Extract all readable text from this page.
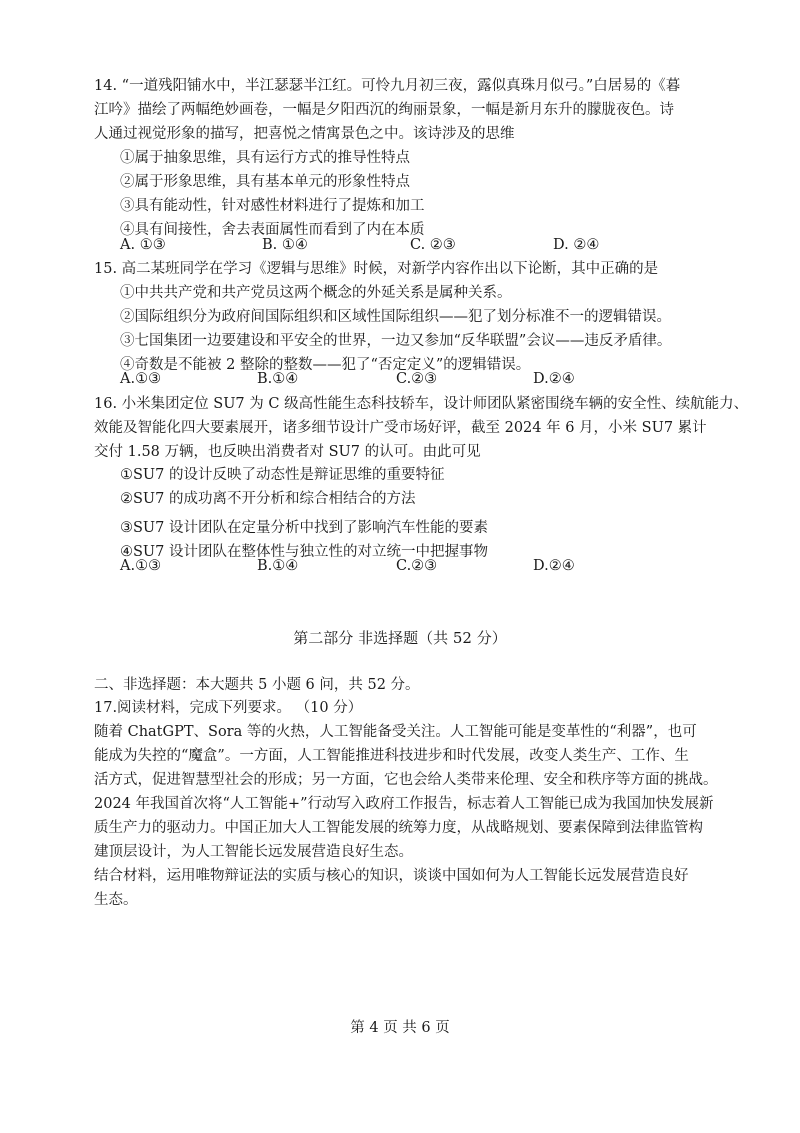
14. “一道残阳铺水中，半江瑟瑟半江红。可怜九月初三夜，露似真珠月似弓。”白居易的《暮
江吟》描绘了两幅绝妙画卷，一幅是夕阳西沉的绚丽景象，一幅是新月东升的朦胧夜色。诗
人通过视觉形象的描写，把喜悦之情寓景色之中。该诗涉及的思维
①属于抽象思维，具有运行方式的推导性特点
②属于形象思维，具有基本单元的形象性特点
③具有能动性，针对感性材料进行了提炼和加工
④具有间接性，舍去表面属性而看到了内在本质
A. ①③	B. ①④	C. ②③	D. ②④
15. 高二某班同学在学习《逻辑与思维》时候，对新学内容作出以下论断，其中正确的是
①中共共产党和共产党员这两个概念的外延关系是属种关系。
②国际组织分为政府间国际组织和区域性国际组织——犯了划分标准不一的逻辑错误。
③七国集团一边要建设和平安全的世界，一边又参加“反华联盟”会议——违反矛盾律。
④奇数是不能被 2 整除的整数——犯了“否定定义”的逻辑错误。
A.①③	B.①④	C.②③	D.②④
16. 小米集团定位 SU7 为 C 级高性能生态科技轿车，设计师团队紧密围绕车辆的安全性、续航能力、
效能及智能化四大要素展开，诸多细节设计广受市场好评，截至 2024 年 6 月，小米 SU7 累计
交付 1.58 万辆，也反映出消费者对 SU7 的认可。由此可见
①SU7 的设计反映了动态性是辩证思维的重要特征
②SU7 的成功离不开分析和综合相结合的方法
③SU7 设计团队在定量分析中找到了影响汽车性能的要素
④SU7 设计团队在整体性与独立性的对立统一中把握事物
A.①③	B.①④	C.②③	D.②④
第二部分 非选择题（共 52 分）
二、非选择题：本大题共 5 小题 6 问，共 52 分。
17.阅读材料，完成下列要求。 （10 分）
随着 ChatGPT、Sora 等的火热，人工智能备受关注。人工智能可能是变革性的“利器”，也可
能成为失控的“魔盒”。一方面，人工智能推进科技进步和时代发展，改变人类生产、工作、生
活方式，促进智慧型社会的形成；另一方面，它也会给人类带来伦理、安全和秩序等方面的挑战。
2024 年我国首次将“人工智能+”行动写入政府工作报告，标志着人工智能已成为我国加快发展新
质生产力的驱动力。中国正加大人工智能发展的统筹力度，从战略规划、要素保障到法律监管构
建顶层设计，为人工智能长远发展营造良好生态。
结合材料，运用唯物辩证法的实质与核心的知识，谈谈中国如何为人工智能长远发展营造良好
生态。
第 4 页 共 6 页
